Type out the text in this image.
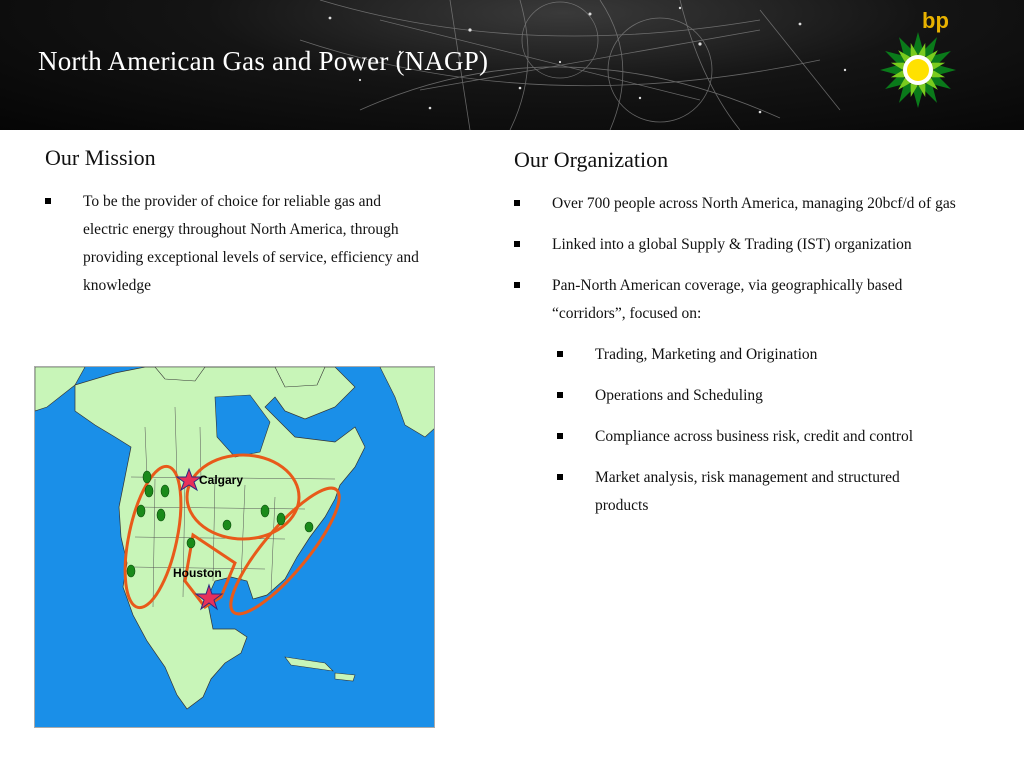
North American Gas and Power (NAGP)
bp
Our Mission
To be the provider of choice for reliable gas and electric energy throughout North America, through providing exceptional levels of service, efficiency and knowledge
Calgary
Houston
Our Organization
Over 700 people across North America, managing 20bcf/d of gas
Linked into a global Supply & Trading (IST) organization
Pan-North American coverage, via geographically based “corridors”, focused on:
Trading, Marketing and Origination
Operations and Scheduling
Compliance across business risk, credit and control
Market analysis, risk management and structured products
